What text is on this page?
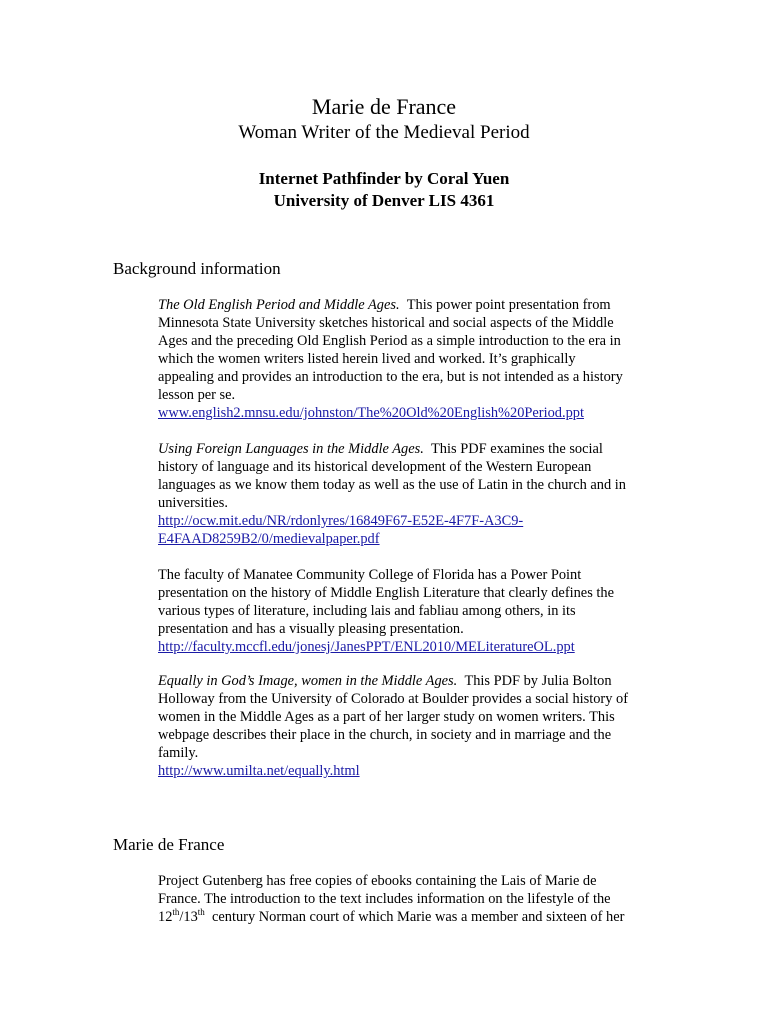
Marie de France
Woman Writer of the Medieval Period
Internet Pathfinder by Coral Yuen
University of Denver LIS 4361
Background information

The Old English Period and Middle Ages. This power point presentation from

Minnesota State University sketches historical and social aspects of the Middle

Ages and the preceding Old English Period as a simple introduction to the era in

which the women writers listed herein lived and worked. It’s graphically

appealing and provides an introduction to the era, but is not intended as a history

lesson per se.

www.english2.mnsu.edu/johnston/The%20Old%20English%20Period.ppt

Using Foreign Languages in the Middle Ages. This PDF examines the social

history of language and its historical development of the Western European

languages as we know them today as well as the use of Latin in the church and in

universities.

http://ocw.mit.edu/NR/rdonlyres/16849F67-E52E-4F7F-A3C9-

E4FAAD8259B2/0/medievalpaper.pdf

The faculty of Manatee Community College of Florida has a Power Point

presentation on the history of Middle English Literature that clearly defines the

various types of literature, including lais and fabliau among others, in its

presentation and has a visually pleasing presentation.

http://faculty.mccfl.edu/jonesj/JanesPPT/ENL2010/MELiteratureOL.ppt

Equally in God’s Image, women in the Middle Ages. This PDF by Julia Bolton

Holloway from the University of Colorado at Boulder provides a social history of

women in the Middle Ages as a part of her larger study on women writers. This

webpage describes their place in the church, in society and in marriage and the

family.

http://www.umilta.net/equally.html

Marie de France

Project Gutenberg has free copies of ebooks containing the Lais of Marie de

France. The introduction to the text includes information on the lifestyle of the

12th/13th  century Norman court of which Marie was a member and sixteen of her
